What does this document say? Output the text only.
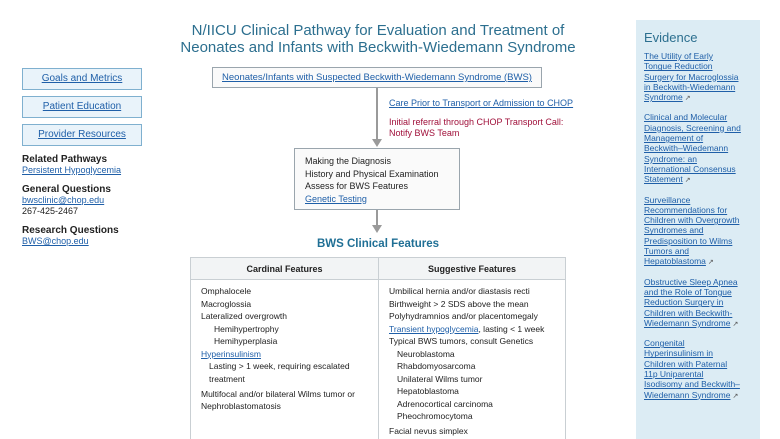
N/IICU Clinical Pathway for Evaluation and Treatment of
Neonates and Infants with Beckwith-Wiedemann Syndrome
Goals and Metrics
Patient Education
Provider Resources
Related Pathways
Persistent Hypoglycemia
General Questions
bwsclinic@chop.edu
267-425-2467
Research Questions
BWS@chop.edu
Neonates/Infants with Suspected Beckwith-Wiedemann Syndrome (BWS)
Care Prior to Transport or Admission to CHOP
Initial referral through CHOP Transport Call:
Notify BWS Team
Making the Diagnosis
History and Physical Examination
Assess for BWS Features
Genetic Testing
BWS Clinical Features
Cardinal Features
Omphalocele
Macroglossia
Lateralized overgrowth
Hemihypertrophy
Hemihyperplasia
Hyperinsulinism
Lasting > 1 week, requiring escalated
treatment
Multifocal and/or bilateral Wilms tumor or
Nephroblastomatosis
Suggestive Features
Umbilical hernia and/or diastasis recti
Birthweight > 2 SDS above the mean
Polyhydramnios and/or placentomegaly
Transient hypoglycemia, lasting < 1 week
Typical BWS tumors, consult Genetics
Neuroblastoma
Rhabdomyosarcoma
Unilateral Wilms tumor
Hepatoblastoma
Adrenocortical carcinoma
Pheochromocytoma
Facial nevus simplex
Evidence
The Utility of Early
Tongue Reduction
Surgery for Macroglossia
in Beckwith-Wiedemann
Syndrome ↗
Clinical and Molecular
Diagnosis, Screening and
Management of
Beckwith–Wiedemann
Syndrome: an
International Consensus
Statement ↗
Surveillance
Recommendations for
Children with Overgrowth
Syndromes and
Predisposition to Wilms
Tumors and
Hepatoblastoma ↗
Obstructive Sleep Apnea
and the Role of Tongue
Reduction Surgery in
Children with Beckwith-
Wiedemann Syndrome ↗
Congenital
Hyperinsulinism in
Children with Paternal
11p Uniparental
Isodisomy and Beckwith–
Wiedemann Syndrome ↗
